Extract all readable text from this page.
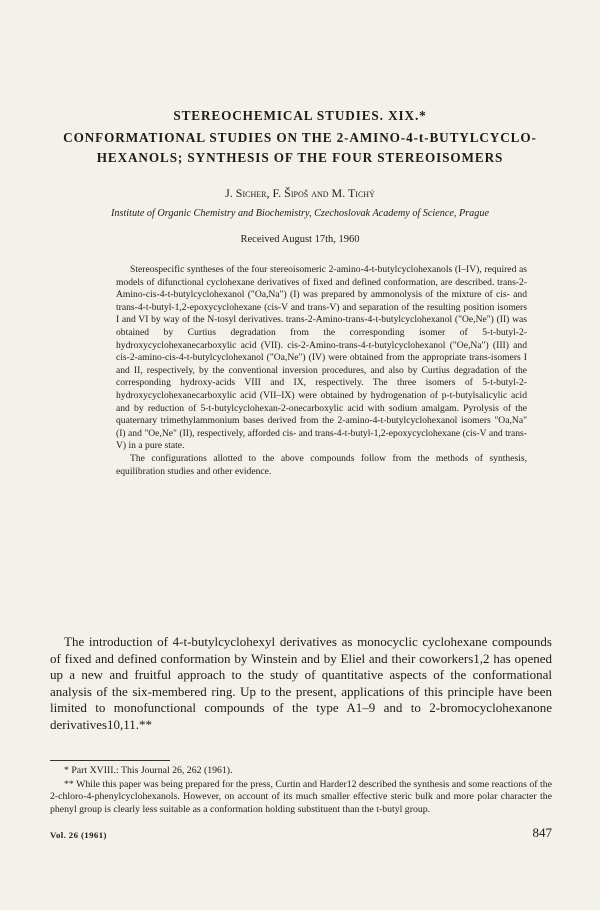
STEREOCHEMICAL STUDIES. XIX.*
CONFORMATIONAL STUDIES ON THE 2-AMINO-4-t-BUTYLCYCLO-
HEXANOLS; SYNTHESIS OF THE FOUR STEREOISOMERS

J. Sicher, F. Šipoš and M. Tichý

Institute of Organic Chemistry and Biochemistry, Czechoslovak Academy of Science, Prague

Received August 17th, 1960

Stereospecific syntheses of the four stereoisomeric 2-amino-4-t-butylcyclohexanols (I–IV), required as models of difunctional cyclohexane derivatives of fixed and defined conformation, are described. trans-2-Amino-cis-4-t-butylcyclohexanol ("Oa,Na") (I) was prepared by ammonolysis of the mixture of cis- and trans-4-t-butyl-1,2-epoxycyclohexane (cis-V and trans-V) and separation of the resulting position isomers I and VI by way of the N-tosyl derivatives. trans-2-Amino-trans-4-t-butylcyclohexanol ("Oe,Ne") (II) was obtained by Curtius degradation from the corresponding isomer of 5-t-butyl-2-hydroxycyclohexanecarboxylic acid (VII). cis-2-Amino-trans-4-t-butylcyclohexanol ("Oe,Na") (III) and cis-2-amino-cis-4-t-butylcyclohexanol ("Oa,Ne") (IV) were obtained from the appropriate trans-isomers I and II, respectively, by the conventional inversion procedures, and also by Curtius degradation of the corresponding hydroxy-acids VIII and IX, respectively. The three isomers of 5-t-butyl-2-hydroxycyclohexanecarboxylic acid (VII–IX) were obtained by hydrogenation of p-t-butylsalicylic acid and by reduction of 5-t-butylcyclohexan-2-onecarboxylic acid with sodium amalgam. Pyrolysis of the quaternary trimethylammonium bases derived from the 2-amino-4-t-butylcyclohexanol isomers "Oa,Na" (I) and "Oe,Ne" (II), respectively, afforded cis- and trans-4-t-butyl-1,2-epoxycyclohexane (cis-V and trans-V) in a pure state.

The configurations allotted to the above compounds follow from the methods of synthesis, equilibration studies and other evidence.

The introduction of 4-t-butylcyclohexyl derivatives as monocyclic cyclohexane compounds of fixed and defined conformation by Winstein and by Eliel and their coworkers1,2 has opened up a new and fruitful approach to the study of quantitative aspects of the conformational analysis of the six-membered ring. Up to the present, applications of this principle have been limited to monofunctional compounds of the type A1–9 and to 2-bromocyclohexanone derivatives10,11.**

* Part XVIII.: This Journal 26, 262 (1961).

** While this paper was being prepared for the press, Curtin and Harder12 described the synthesis and some reactions of the 2-chloro-4-phenylcyclohexanols. However, on account of its much smaller effective steric bulk and more polar character the phenyl group is clearly less suitable as a conformation holding substituent than the t-butyl group.

Vol. 26 (1961)	847
